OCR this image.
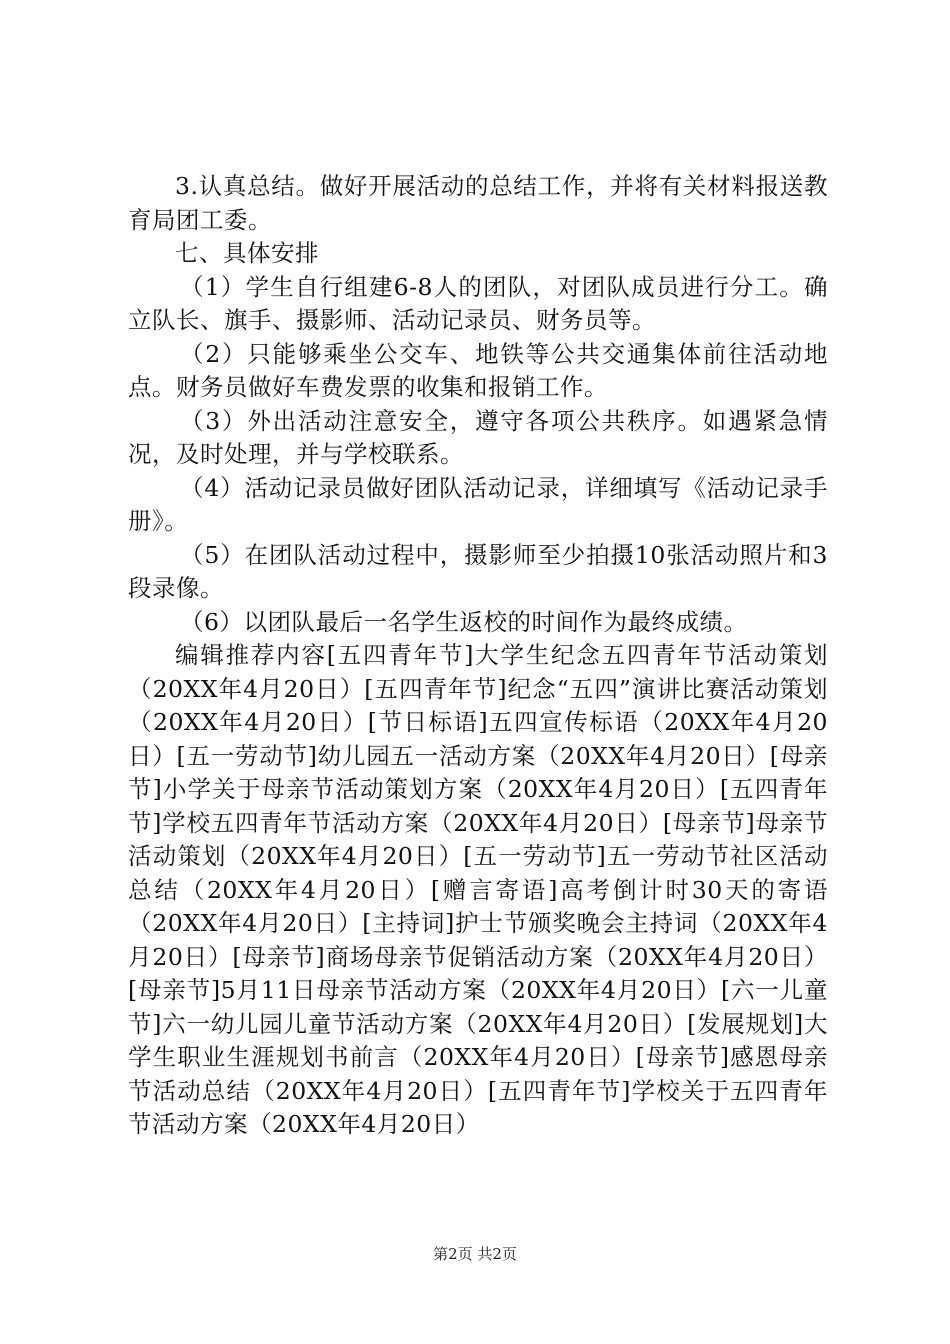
3.认真总结。做好开展活动的总结工作，并将有关材料报送教育局团工委。

七、具体安排

（1）学生自行组建6-8人的团队，对团队成员进行分工。确立队长、旗手、摄影师、活动记录员、财务员等。

（2）只能够乘坐公交车、地铁等公共交通集体前往活动地点。财务员做好车费发票的收集和报销工作。

（3）外出活动注意安全，遵守各项公共秩序。如遇紧急情况，及时处理，并与学校联系。

（4）活动记录员做好团队活动记录，详细填写《活动记录手册》。

（5）在团队活动过程中，摄影师至少拍摄10张活动照片和3段录像。

（6）以团队最后一名学生返校的时间作为最终成绩。

编辑推荐内容[五四青年节]大学生纪念五四青年节活动策划（20XX年4月20日）[五四青年节]纪念“五四”演讲比赛活动策划（20XX年4月20日）[节日标语]五四宣传标语（20XX年4月20日）[五一劳动节]幼儿园五一活动方案（20XX年4月20日）[母亲节]小学关于母亲节活动策划方案（20XX年4月20日）[五四青年节]学校五四青年节活动方案（20XX年4月20日）[母亲节]母亲节活动策划（20XX年4月20日）[五一劳动节]五一劳动节社区活动总结（20XX年4月20日）[赠言寄语]高考倒计时30天的寄语（20XX年4月20日）[主持词]护士节颁奖晚会主持词（20XX年4月20日）[母亲节]商场母亲节促销活动方案（20XX年4月20日）[母亲节]5月11日母亲节活动方案（20XX年4月20日）[六一儿童节]六一幼儿园儿童节活动方案（20XX年4月20日）[发展规划]大学生职业生涯规划书前言（20XX年4月20日）[母亲节]感恩母亲节活动总结（20XX年4月20日）[五四青年节]学校关于五四青年节活动方案（20XX年4月20日）

第2页 共2页
